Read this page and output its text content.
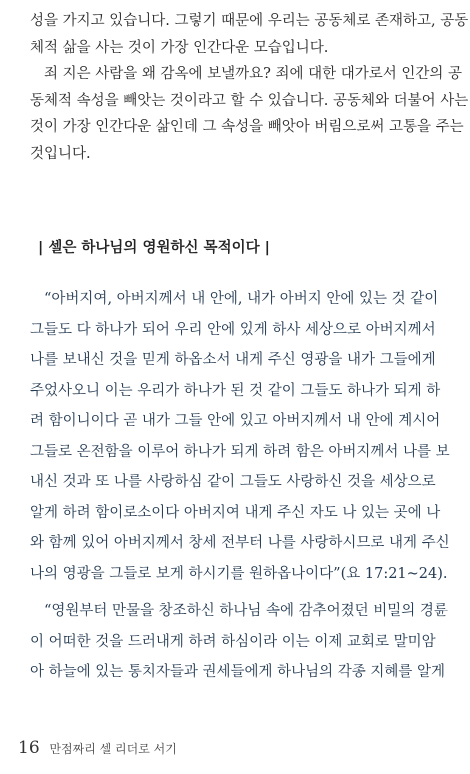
성을 가지고 있습니다. 그렇기 때문에 우리는 공동체로 존재하고, 공동
체적 삶을 사는 것이 가장 인간다운 모습입니다.
죄 지은 사람을 왜 감옥에 보낼까요? 죄에 대한 대가로서 인간의 공
동체적 속성을 빼앗는 것이라고 할 수 있습니다. 공동체와 더불어 사는
것이 가장 인간다운 삶인데 그 속성을 빼앗아 버림으로써 고통을 주는
것입니다.
| 셀은 하나님의 영원하신 목적이다 |
“아버지여, 아버지께서 내 안에, 내가 아버지 안에 있는 것 같이
그들도 다 하나가 되어 우리 안에 있게 하사 세상으로 아버지께서
나를 보내신 것을 믿게 하옵소서 내게 주신 영광을 내가 그들에게
주었사오니 이는 우리가 하나가 된 것 같이 그들도 하나가 되게 하
려 함이니이다 곧 내가 그들 안에 있고 아버지께서 내 안에 계시어
그들로 온전함을 이루어 하나가 되게 하려 함은 아버지께서 나를 보
내신 것과 또 나를 사랑하심 같이 그들도 사랑하신 것을 세상으로
알게 하려 함이로소이다 아버지여 내게 주신 자도 나 있는 곳에 나
와 함께 있어 아버지께서 창세 전부터 나를 사랑하시므로 내게 주신
나의 영광을 그들로 보게 하시기를 원하옵나이다”(요 17:21~24).
“영원부터 만물을 창조하신 하나님 속에 감추어졌던 비밀의 경륜
이 어떠한 것을 드러내게 하려 하심이라 이는 이제 교회로 말미암
아 하늘에 있는 통치자들과 권세들에게 하나님의 각종 지혜를 알게
16 만점짜리 셀 리더로 서기
